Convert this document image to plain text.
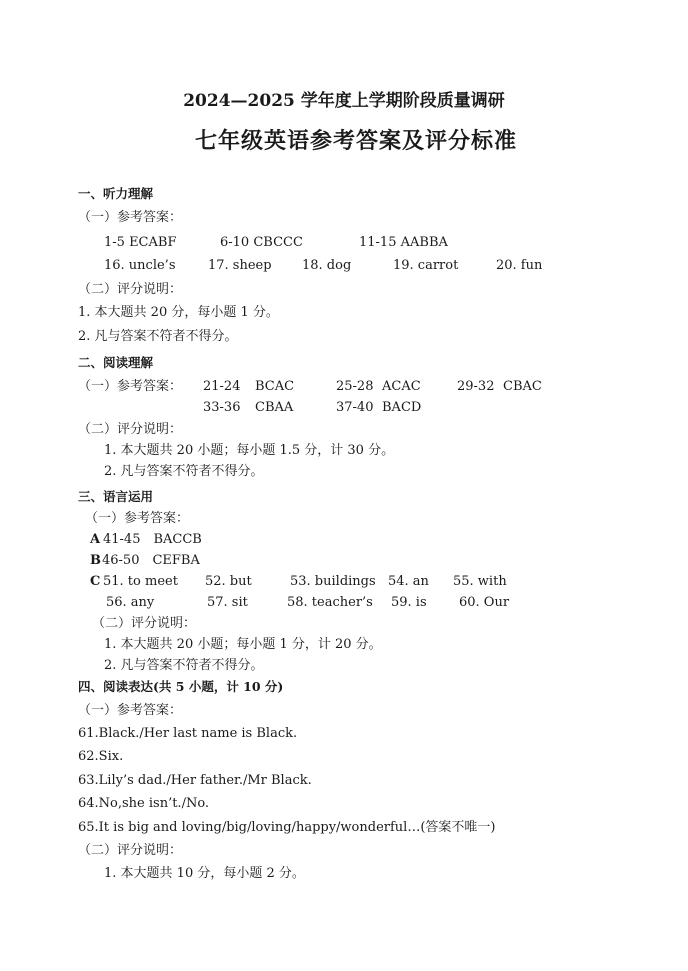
2024—2025 学年度上学期阶段质量调研
七年级英语参考答案及评分标准
一、听力理解
（一）参考答案：
1-5 ECABF	6-10 CBCCC	11-15 AABBA
16. uncle’s	17. sheep 18. dog	19. carrot	20. fun
（二）评分说明：
1. 本大题共 20 分，每小题 1 分。
2. 凡与答案不符者不得分。
二、阅读理解
（一）参考答案： 21-24 BCAC	25-28 ACAC	29-32 CBAC
33-36 CBAA	37-40 BACD
（二）评分说明：
1. 本大题共 20 小题；每小题 1.5 分，计 30 分。
2. 凡与答案不符者不得分。
三、语言运用
（一）参考答案：
A 41-45　BACCB
B 46-50　CEFBA
C 51. to meet 52. but	53. buildings 54. an 55. with
56. any	57. sit	58. teacher’s 59. is 60. Our
（二）评分说明：
1. 本大题共 20 小题；每小题 1 分，计 20 分。
2. 凡与答案不符者不得分。
四、阅读表达(共 5 小题，计 10 分)
（一）参考答案：
61.Black./Her last name is Black.
62.Six.
63.Lily’s dad./Her father./Mr Black.
64.No,she isn’t./No.
65.It is big and loving/big/loving/happy/wonderful…(答案不唯一)
（二）评分说明：
1. 本大题共 10 分，每小题 2 分。
